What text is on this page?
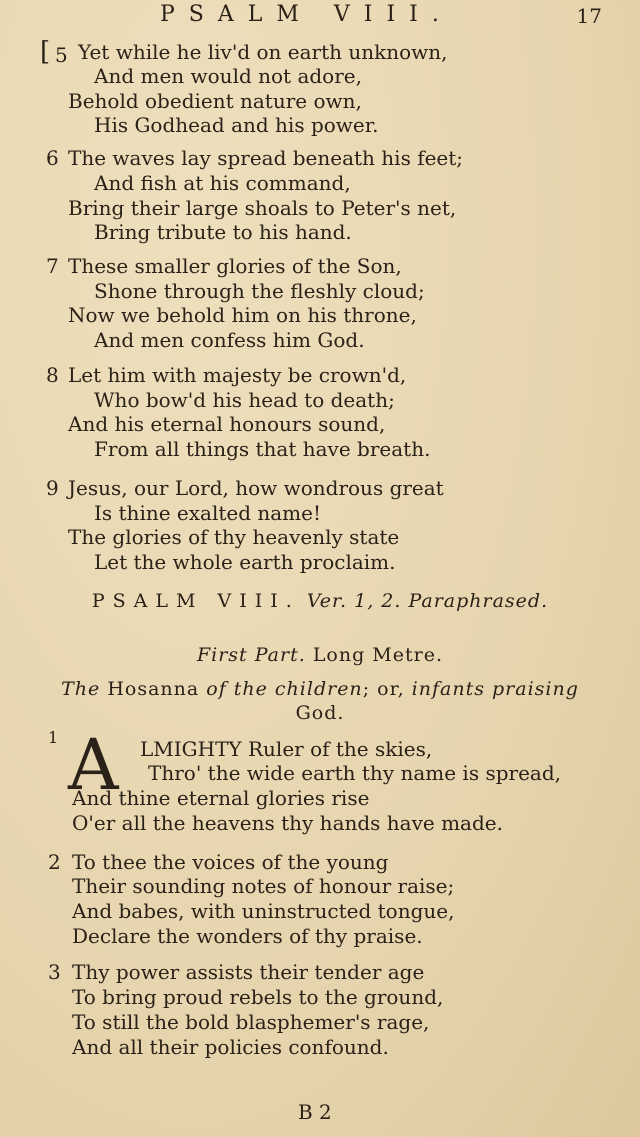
PSALM VIII.	17
[ 5 Yet while he liv'd on earth unknown,
And men would not adore,
Behold obedient nature own,
His Godhead and his power.
6 The waves lay spread beneath his feet;
And fish at his command,
Bring their large shoals to Peter's net,
Bring tribute to his hand.
7 These smaller glories of the Son,
Shone through the fleshly cloud;
Now we behold him on his throne,
And men confess him God.
8 Let him with majesty be crown'd,
Who bow'd his head to death;
And his eternal honours sound,
From all things that have breath.
9 Jesus, our Lord, how wondrous great
Is thine exalted name!
The glories of thy heavenly state
Let the whole earth proclaim.
PSALM VIII. Ver. 1, 2. Paraphrased.
First Part. Long Metre.
The Hosanna of the children; or, infants praising
God.
1 A LMIGHTY Ruler of the skies,
Thro' the wide earth thy name is spread,
And thine eternal glories rise
O'er all the heavens thy hands have made.
2 To thee the voices of the young
Their sounding notes of honour raise;
And babes, with uninstructed tongue,
Declare the wonders of thy praise.
3 Thy power assists their tender age
To bring proud rebels to the ground,
To still the bold blasphemer's rage,
And all their policies confound.
B 2
